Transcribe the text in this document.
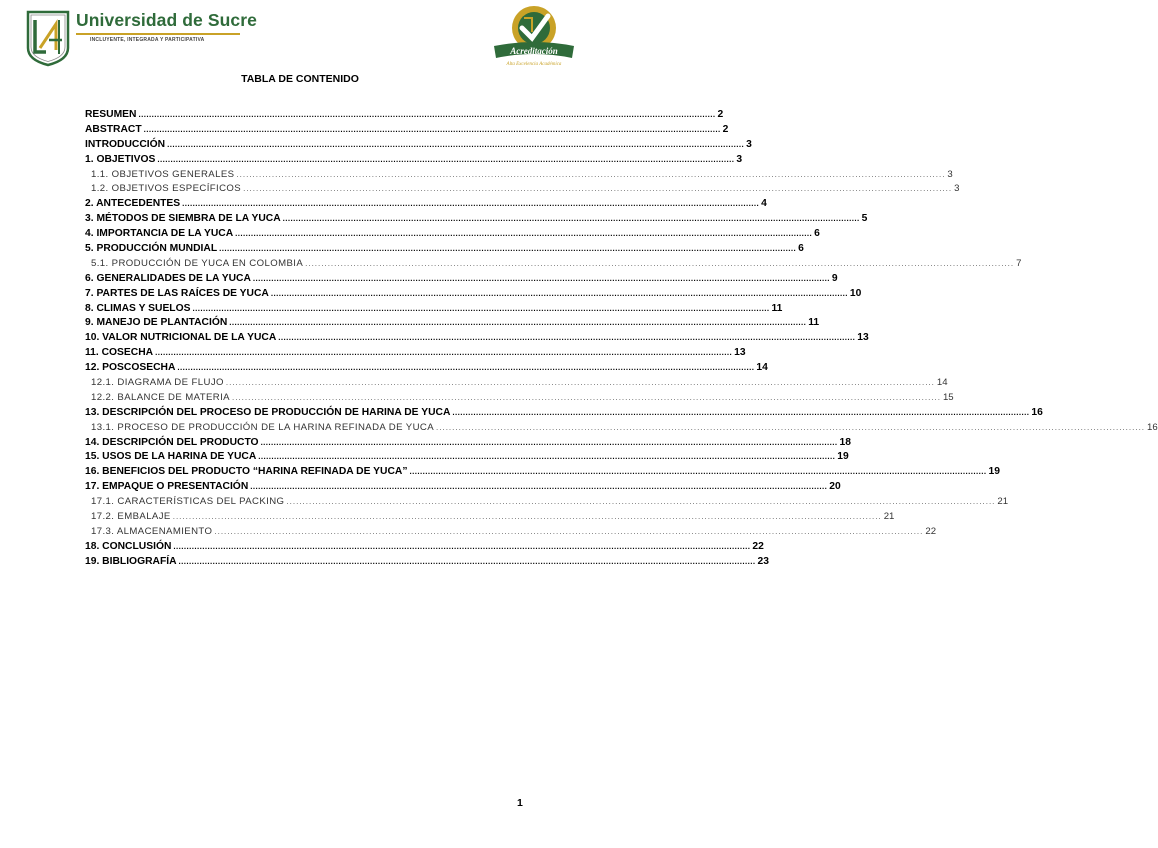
Universidad de Sucre
INCLUYENTE, INTEGRADA Y PARTICIPATIVA
Acreditación
Alta Excelencia Académica
TABLA DE CONTENIDO
RESUMEN ............................................................................................................................................................................................................................ 2
ABSTRACT ............................................................................................................................................................................................................................ 2
INTRODUCCIÓN ............................................................................................................................................................................................................................ 3
1. OBJETIVOS ............................................................................................................................................................................................................................ 3
1.1. OBJETIVOS GENERALES ............................................................................................................................................................................................................................ 3
1.2. OBJETIVOS ESPECÍFICOS ............................................................................................................................................................................................................................ 3
2. ANTECEDENTES ............................................................................................................................................................................................................................ 4
3. MÉTODOS DE SIEMBRA DE LA YUCA ............................................................................................................................................................................................................................ 5
4. IMPORTANCIA DE LA YUCA ............................................................................................................................................................................................................................ 6
5. PRODUCCIÓN MUNDIAL ............................................................................................................................................................................................................................ 6
5.1. PRODUCCIÓN DE YUCA EN COLOMBIA ............................................................................................................................................................................................................................ 7
6. GENERALIDADES DE LA YUCA ............................................................................................................................................................................................................................ 9
7. PARTES DE LAS RAÍCES DE YUCA ............................................................................................................................................................................................................................ 10
8. CLIMAS Y SUELOS ............................................................................................................................................................................................................................ 11
9. MANEJO DE PLANTACIÓN ............................................................................................................................................................................................................................ 11
10. VALOR NUTRICIONAL DE LA YUCA ............................................................................................................................................................................................................................ 13
11. COSECHA ............................................................................................................................................................................................................................ 13
12. POSCOSECHA ............................................................................................................................................................................................................................ 14
12.1. DIAGRAMA DE FLUJO ............................................................................................................................................................................................................................ 14
12.2. BALANCE DE MATERIA ............................................................................................................................................................................................................................ 15
13. DESCRIPCIÓN DEL PROCESO DE PRODUCCIÓN DE HARINA DE YUCA ............................................................................................................................................................................................................................ 16
13.1. PROCESO DE PRODUCCIÓN DE LA HARINA REFINADA DE YUCA ............................................................................................................................................................................................................................ 16
14. DESCRIPCIÓN DEL PRODUCTO ............................................................................................................................................................................................................................ 18
15. USOS DE LA HARINA DE YUCA ............................................................................................................................................................................................................................ 19
16. BENEFICIOS DEL PRODUCTO “HARINA REFINADA DE YUCA” ............................................................................................................................................................................................................................ 19
17. EMPAQUE O PRESENTACIÓN ............................................................................................................................................................................................................................ 20
17.1. CARACTERÍSTICAS DEL PACKING ............................................................................................................................................................................................................................ 21
17.2. EMBALAJE ............................................................................................................................................................................................................................ 21
17.3. ALMACENAMIENTO ............................................................................................................................................................................................................................ 22
18. CONCLUSIÓN ............................................................................................................................................................................................................................ 22
19. BIBLIOGRAFÍA ............................................................................................................................................................................................................................ 23
1
